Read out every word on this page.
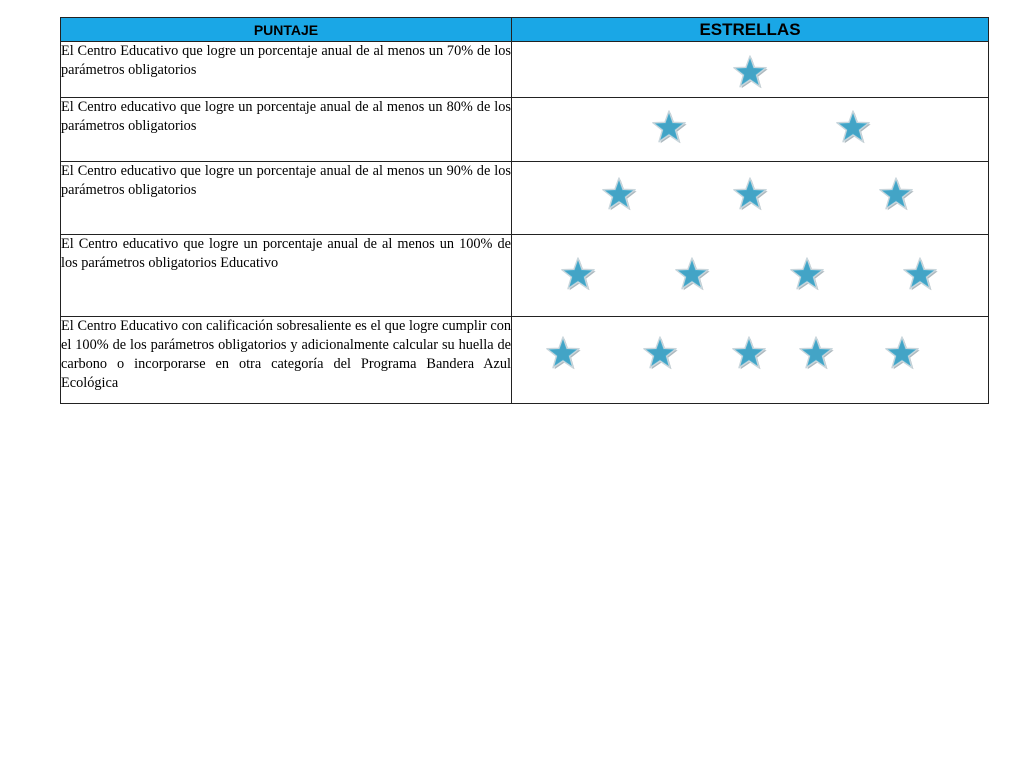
PUNTAJE	ESTRELLAS
El Centro Educativo que logre un porcentaje anual de al menos un 70% de los parámetros obligatorios	

El Centro educativo que logre un porcentaje anual de al menos un 80% de los parámetros obligatorios	

El Centro educativo que logre un porcentaje anual de al menos un 90% de los parámetros obligatorios	

El Centro educativo que logre un porcentaje anual de al menos un 100% de los parámetros obligatorios Educativo	

El Centro Educativo con calificación sobresaliente es el que logre cumplir con el 100% de los parámetros obligatorios y adicionalmente calcular su huella de carbono o incorporarse en otra categoría del Programa Bandera Azul Ecológica	
